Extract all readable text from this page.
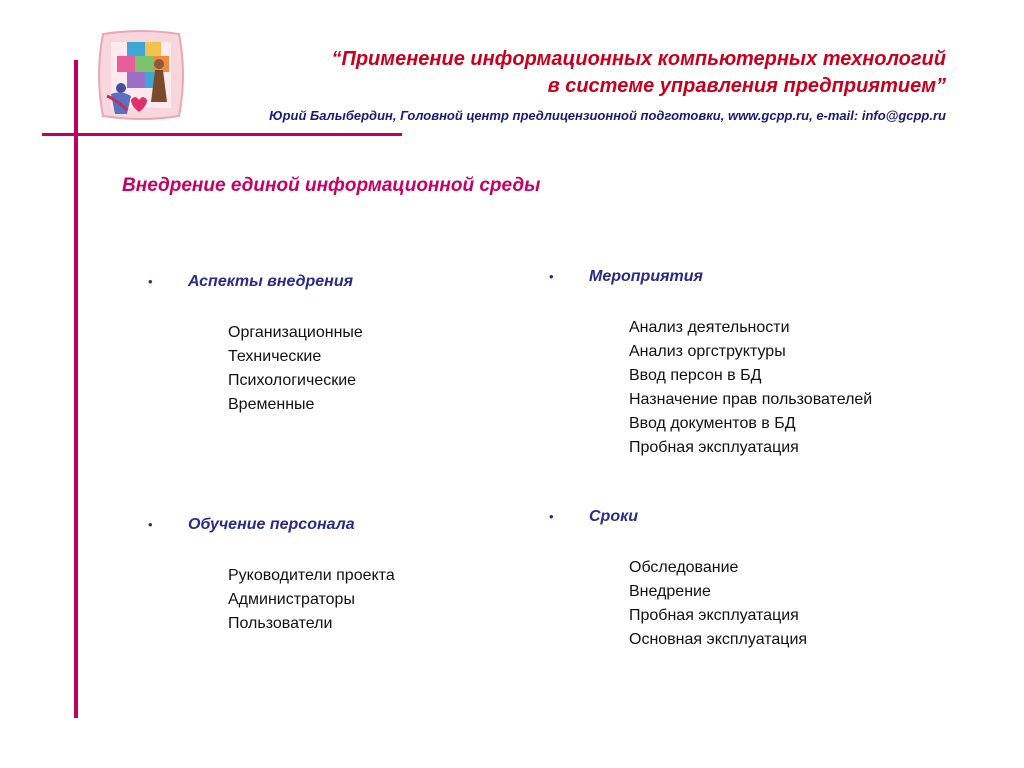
“Применение информационных компьютерных технологий
в системе управления предприятием”
Юрий Балыбердин, Головной центр предлицензионной подготовки, www.gcpp.ru, e-mail: info@gcpp.ru
Внедрение единой информационной среды
• Аспекты внедрения
Организационные
Технические
Психологические
Временные
• Обучение персонала
Руководители проекта
Администраторы
Пользователи
• Мероприятия
Анализ деятельности
Анализ оргструктуры
Ввод персон в БД
Назначение прав пользователей
Ввод документов в БД
Пробная эксплуатация
• Сроки
Обследование
Внедрение
Пробная эксплуатация
Основная эксплуатация
